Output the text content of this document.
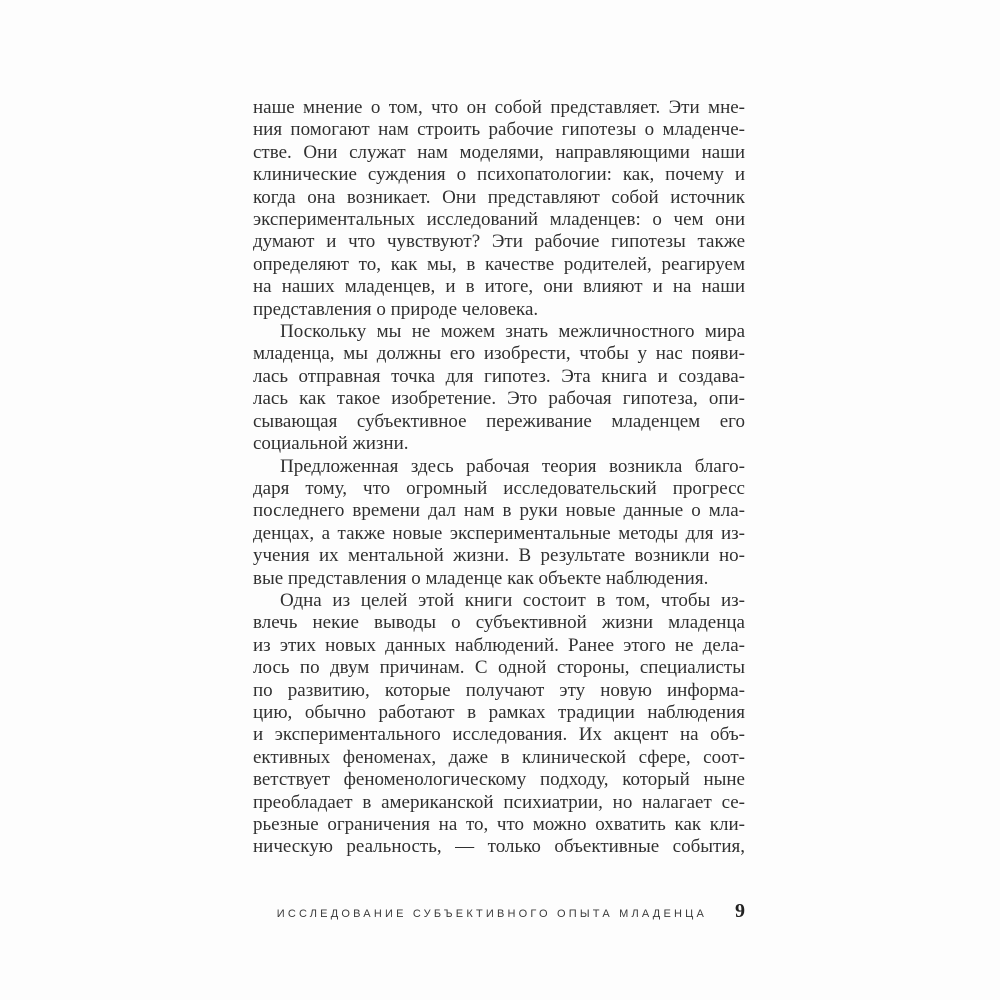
наше мнение о том, что он собой представляет. Эти мне-
ния помогают нам строить рабочие гипотезы о младенче-
стве. Они служат нам моделями, направляющими наши
клинические суждения о психопатологии: как, почему и
когда она возникает. Они представляют собой источник
экспериментальных исследований младенцев: о чем они
думают и что чувствуют? Эти рабочие гипотезы также
определяют то, как мы, в качестве родителей, реагируем
на наших младенцев, и в итоге, они влияют и на наши
представления о природе человека.
Поскольку мы не можем знать межличностного мира
младенца, мы должны его изобрести, чтобы у нас появи-
лась отправная точка для гипотез. Эта книга и создава-
лась как такое изобретение. Это рабочая гипотеза, опи-
сывающая субъективное переживание младенцем его
социальной жизни.
Предложенная здесь рабочая теория возникла благо-
даря тому, что огромный исследовательский прогресс
последнего времени дал нам в руки новые данные о мла-
денцах, а также новые экспериментальные методы для из-
учения их ментальной жизни. В результате возникли но-
вые представления о младенце как объекте наблюдения.
Одна из целей этой книги состоит в том, чтобы из-
влечь некие выводы о субъективной жизни младенца
из этих новых данных наблюдений. Ранее этого не дела-
лось по двум причинам. С одной стороны, специалисты
по развитию, которые получают эту новую информа-
цию, обычно работают в рамках традиции наблюдения
и экспериментального исследования. Их акцент на объ-
ективных феноменах, даже в клинической сфере, соот-
ветствует феноменологическому подходу, который ныне
преобладает в американской психиатрии, но налагает се-
рьезные ограничения на то, что можно охватить как кли-
ническую реальность, — только объективные события,
ИССЛЕДОВАНИЕ СУБЪЕКТИВНОГО ОПЫТА МЛАДЕНЦА 9
